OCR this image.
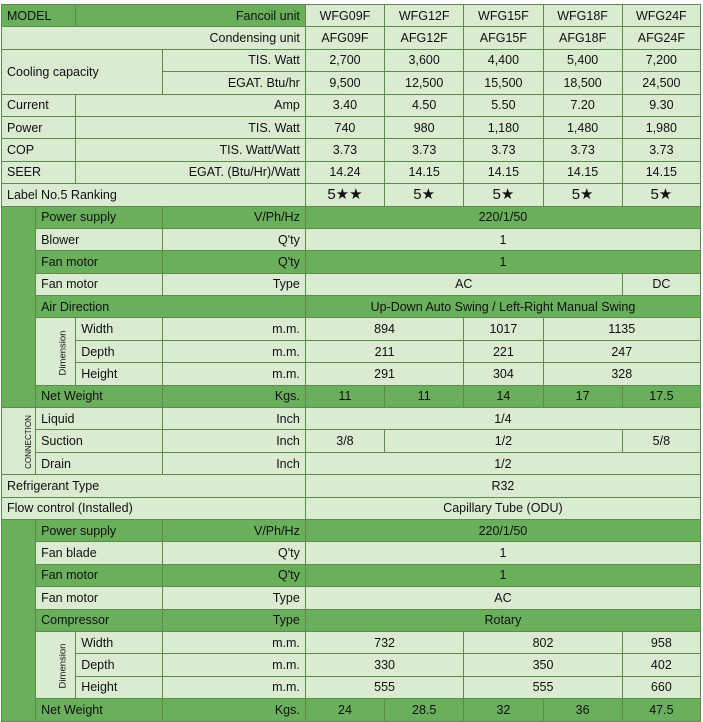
MODEL		Fancoil unit		WFG09F	WFG12F	WFG15F	WFG18F	WFG24F
Condensing unit				AFG09F	AFG12F	AFG15F	AFG18F	AFG24F
Cooling capacity			TIS. Watt	2,700	3,600	4,400	5,400	7,200
			EGAT. Btu/hr	9,500	12,500	15,500	18,500	24,500
Current		Amp		3.40	4.50	5.50	7.20	9.30
Power		TIS. Watt		740	980	1,180	1,480	1,980
COP		TIS. Watt/Watt		3.73	3.73	3.73	3.73	3.73
SEER		EGAT. (Btu/Hr)/Watt		14.24	14.15	14.15	14.15	14.15
Label No.5 Ranking				5★★	5★	5★	5★	5★
	Power supply		V/Ph/Hz	220/1/50				
	Blower		Q'ty	1				
	Fan motor		Q'ty	1				
	Fan motor		Type	AC				DC
	Air Direction			Up-Down Auto Swing / Left-Right Manual Swing				
	Dimension	Width	m.m.	894		1017	1135	
		Depth	m.m.	211		221	247	
		Height	m.m.	291		304	328	
	Net Weight		Kgs.	11	11	14	17	17.5
CONNECTION	Liquid		Inch	1/4				
	Suction		Inch	3/8	1/2			5/8
	Drain		Inch	1/2				
Refrigerant Type				R32				
Flow control (Installed)				Capillary Tube (ODU)				
	Power supply		V/Ph/Hz	220/1/50				
	Fan blade		Q'ty	1				
	Fan motor		Q'ty	1				
	Fan motor		Type	AC				
	Compressor		Type	Rotary				
	Dimension	Width	m.m.	732		802		958
		Depth	m.m.	330		350		402
		Height	m.m.	555		555		660
	Net Weight		Kgs.	24	28.5	32	36	47.5
